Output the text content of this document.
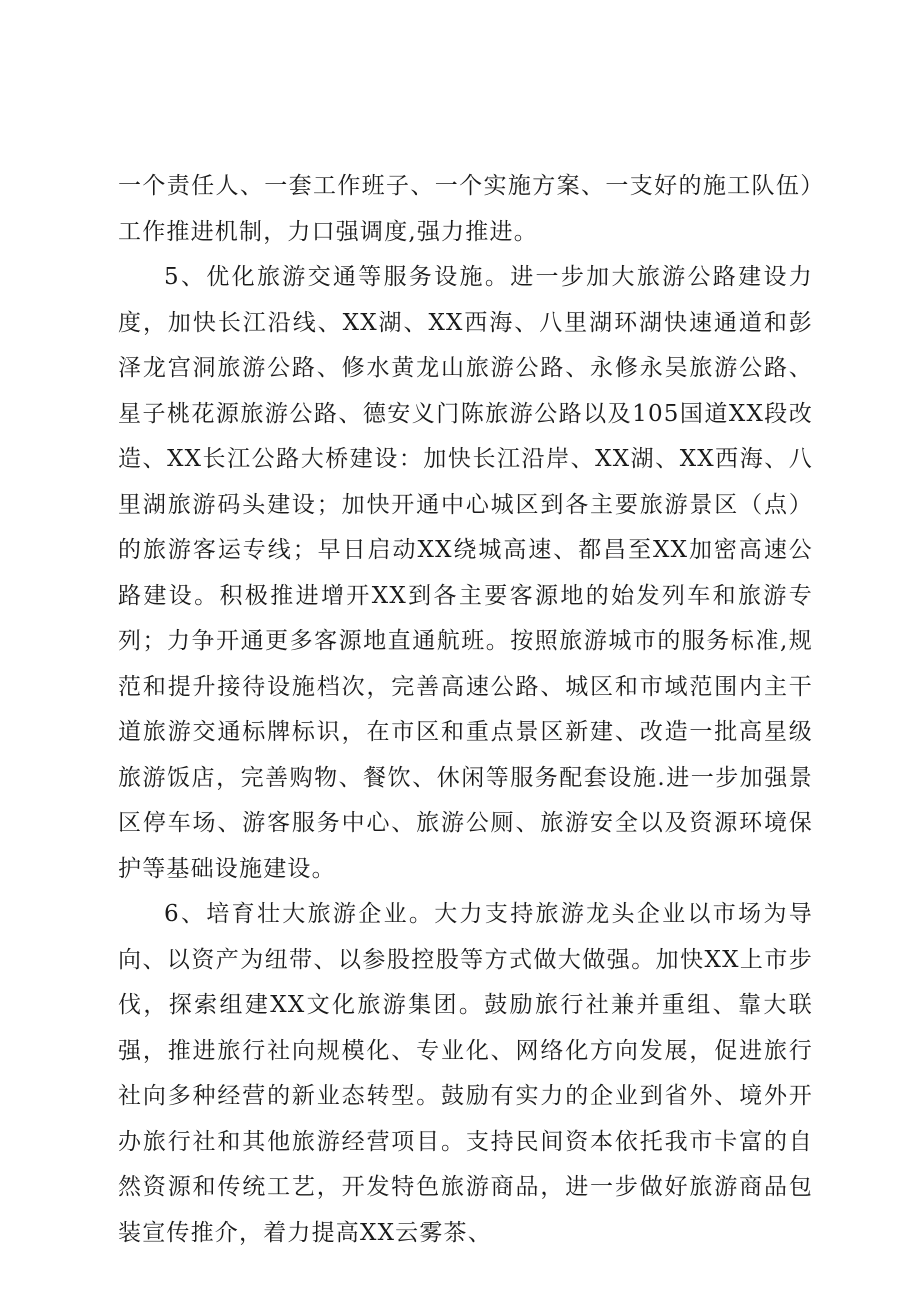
一个责任人、一套工作班子、一个实施方案、一支好的施工队伍）工作推进机制，力口强调度,强力推进。

5、优化旅游交通等服务设施。进一步加大旅游公路建设力度，加快长江沿线、XX湖、XX西海、八里湖环湖快速通道和彭泽龙宫洞旅游公路、修水黄龙山旅游公路、永修永吴旅游公路、星子桃花源旅游公路、德安义门陈旅游公路以及105国道XX段改造、XX长江公路大桥建设：加快长江沿岸、XX湖、XX西海、八里湖旅游码头建设；加快开通中心城区到各主要旅游景区（点）的旅游客运专线；早日启动XX绕城高速、都昌至XX加密高速公路建设。积极推进增开XX到各主要客源地的始发列车和旅游专列；力争开通更多客源地直通航班。按照旅游城市的服务标准,规范和提升接待设施档次，完善高速公路、城区和市域范围内主干道旅游交通标牌标识，在市区和重点景区新建、改造一批高星级旅游饭店，完善购物、餐饮、休闲等服务配套设施.进一步加强景区停车场、游客服务中心、旅游公厕、旅游安全以及资源环境保护等基础设施建设。

6、培育壮大旅游企业。大力支持旅游龙头企业以市场为导向、以资产为纽带、以参股控股等方式做大做强。加快XX上市步伐，探索组建XX文化旅游集团。鼓励旅行社兼并重组、靠大联强，推进旅行社向规模化、专业化、网络化方向发展，促进旅行社向多种经营的新业态转型。鼓励有实力的企业到省外、境外开办旅行社和其他旅游经营项目。支持民间资本依托我市卡富的自然资源和传统工艺，开发特色旅游商品，进一步做好旅游商品包装宣传推介，着力提高XX云雾茶、
